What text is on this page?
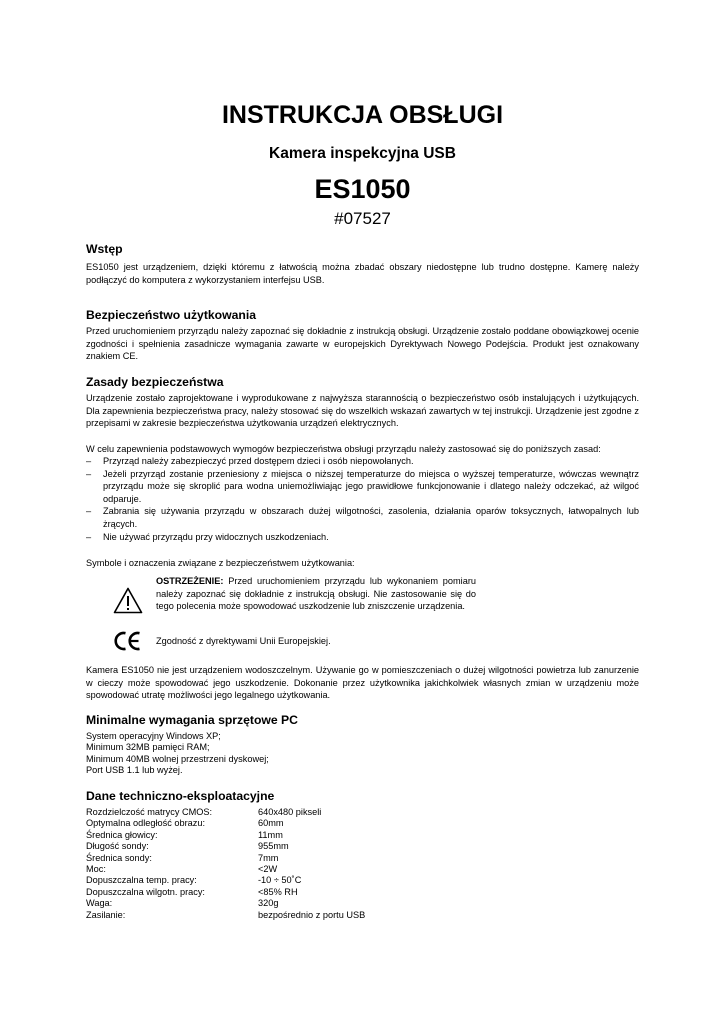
INSTRUKCJA OBSŁUGI
Kamera inspekcyjna USB
ES1050
#07527
Wstęp

ES1050 jest urządzeniem, dzięki któremu z łatwością można zbadać obszary niedostępne lub trudno dostępne. Kamerę należy podłączyć do komputera z wykorzystaniem interfejsu USB.

Bezpieczeństwo użytkowania

Przed uruchomieniem przyrządu należy zapoznać się dokładnie z instrukcją obsługi. Urządzenie zostało poddane obowiązkowej ocenie zgodności i spełnienia zasadnicze wymagania zawarte w europejskich Dyrektywach Nowego Podejścia. Produkt jest oznakowany znakiem CE.

Zasady bezpieczeństwa

Urządzenie zostało zaprojektowane i wyprodukowane z najwyższa starannością o bezpieczeństwo osób instalujących i użytkujących. Dla zapewnienia bezpieczeństwa pracy, należy stosować się do wszelkich wskazań zawartych w tej instrukcji. Urządzenie jest zgodne z przepisami w zakresie bezpieczeństwa użytkowania urządzeń elektrycznych.

W celu zapewnienia podstawowych wymogów bezpieczeństwa obsługi przyrządu należy zastosować się do poniższych zasad:

– Przyrząd należy zabezpieczyć przed dostępem dzieci i osób niepowołanych.
– Jeżeli przyrząd zostanie przeniesiony z miejsca o niższej temperaturze do miejsca o wyższej temperaturze, wówczas wewnątrz przyrządu może się skroplić para wodna uniemożliwiając jego prawidłowe funkcjonowanie i dlatego należy odczekać, aż wilgoć odparuje.
– Zabrania się używania przyrządu w obszarach dużej wilgotności, zasolenia, działania oparów toksycznych, łatwopalnych lub żrących.
– Nie używać przyrządu przy widocznych uszkodzeniach.

Symbole i oznaczenia związane z bezpieczeństwem użytkowania:

OSTRZEŻENIE: Przed uruchomieniem przyrządu lub wykonaniem pomiaru należy zapoznać się dokładnie z instrukcją obsługi. Nie zastosowanie się do tego polecenia może spowodować uszkodzenie lub zniszczenie urządzenia.
Zgodność z dyrektywami Unii Europejskiej.

Kamera ES1050 nie jest urządzeniem wodoszczelnym. Używanie go w pomieszczeniach o dużej wilgotności powietrza lub zanurzenie w cieczy może spowodować jego uszkodzenie. Dokonanie przez użytkownika jakichkolwiek własnych zmian w urządzeniu może spowodować utratę możliwości jego legalnego użytkowania.

Minimalne wymagania sprzętowe PC
System operacyjny Windows XP;
Minimum 32MB pamięci RAM;
Minimum 40MB wolnej przestrzeni dyskowej;
Port USB 1.1 lub wyżej.
Dane techniczno-eksploatacyjne
Rozdzielczość matrycy CMOS:	640x480 pikseli
Optymalna odległość obrazu:	60mm
Średnica głowicy:	11mm
Długość sondy:	955mm
Średnica sondy:	7mm
Moc:	<2W
Dopuszczalna temp. pracy:	-10 ÷ 50˚C
Dopuszczalna wilgotn. pracy:	<85% RH
Waga:	320g
Zasilanie:	bezpośrednio z portu USB
